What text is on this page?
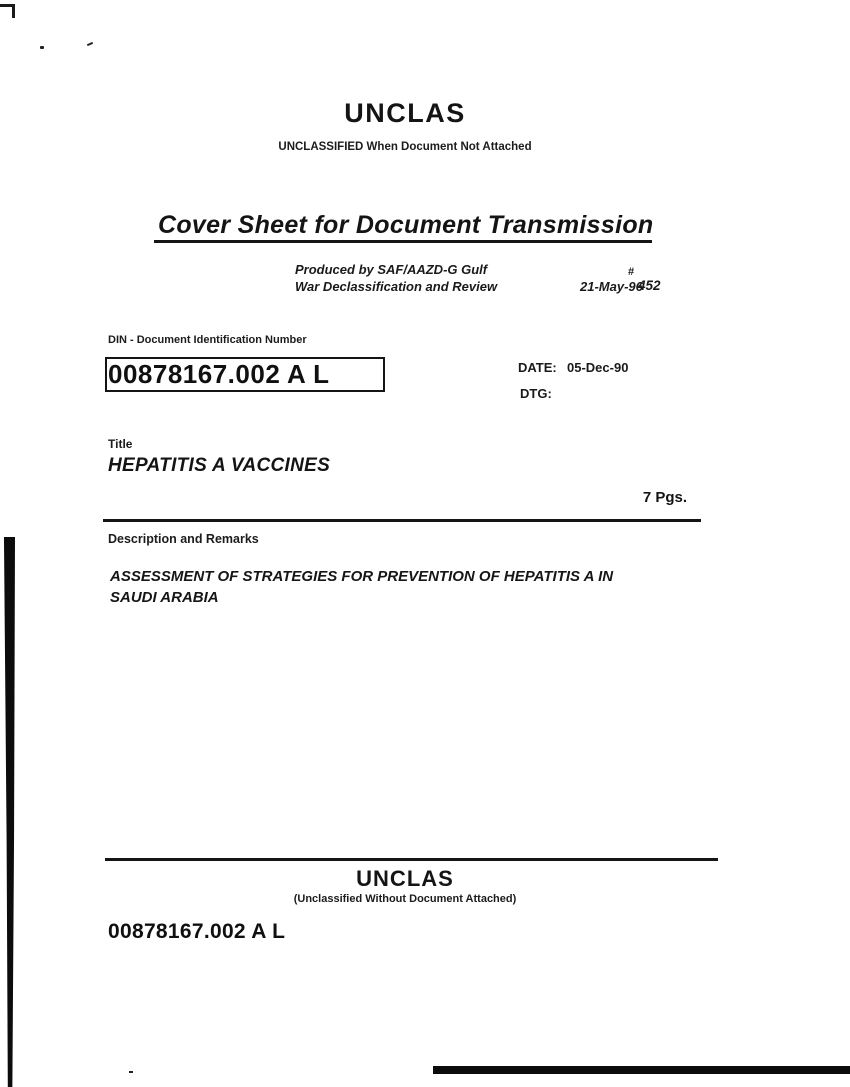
UNCLAS
UNCLASSIFIED When Document Not Attached
Cover Sheet for Document Transmission
Produced by SAF/AAZD-G Gulf
War Declassification and Review	21-May-96
#
452
DIN - Document Identification Number
00878167.002 A L	DATE: 05-Dec-90
DTG:
Title
HEPATITIS A VACCINES
7 Pgs.
Description and Remarks
ASSESSMENT OF STRATEGIES FOR PREVENTION OF HEPATITIS A IN
SAUDI ARABIA
UNCLAS
(Unclassified Without Document Attached)
00878167.002 A L
